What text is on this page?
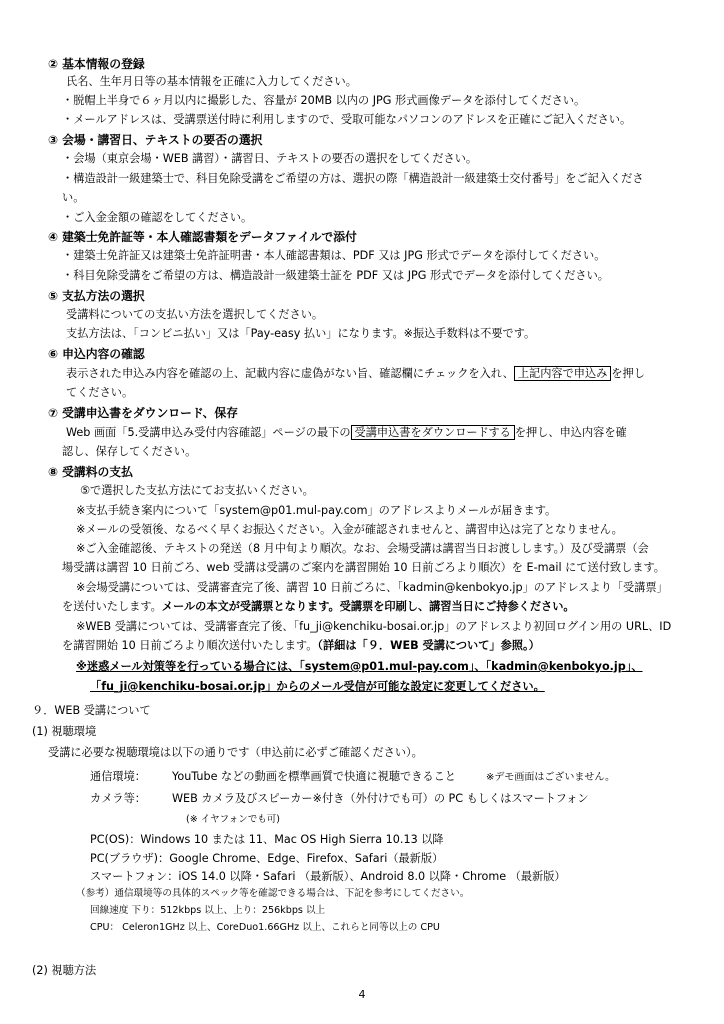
② 基本情報の登録
氏名、生年月日等の基本情報を正確に入力してください。
・脱帽上半身で６ヶ月以内に撮影した、容量が 20MB 以内の JPG 形式画像データを添付してください。
・メールアドレスは、受講票送付時に利用しますので、受取可能なパソコンのアドレスを正確にご記入ください。
③ 会場・講習日、テキストの要否の選択
・会場（東京会場・WEB 講習）・講習日、テキストの要否の選択をしてください。
・構造設計一級建築士で、科目免除受講をご希望の方は、選択の際「構造設計一級建築士交付番号」をご記入くださ
い。
・ご入金金額の確認をしてください。
④ 建築士免許証等・本人確認書類をデータファイルで添付
・建築士免許証又は建築士免許証明書・本人確認書類は、PDF 又は JPG 形式でデータを添付してください。
・科目免除受講をご希望の方は、構造設計一級建築士証を PDF 又は JPG 形式でデータを添付してください。
⑤ 支払方法の選択
受講料についての支払い方法を選択してください。
支払方法は、「コンビニ払い」又は「Pay-easy 払い」になります。※振込手数料は不要です。
⑥ 申込内容の確認
表示された申込み内容を確認の上、記載内容に虚偽がない旨、確認欄にチェックを入れ、 上記内容で申込み を押し
てください。
⑦ 受講申込書をダウンロード、保存
Web 画面「5.受講申込み受付内容確認」ページの最下の 受講申込書をダウンロードする を押し、申込内容を確
認し、保存してください。
⑧ 受講料の支払
⑤で選択した支払方法にてお支払いください。
※支払手続き案内について「system@p01.mul-pay.com」のアドレスよりメールが届きます。
※メールの受領後、なるべく早くお振込ください。入金が確認されませんと、講習申込は完了となりません。
※ご入金確認後、テキストの発送（8 月中旬より順次。なお、会場受講は講習当日お渡しします。）及び受講票（会
場受講は講習 10 日前ごろ、web 受講は受講のご案内を講習開始 10 日前ごろより順次）を E-mail にて送付致します。
※会場受講については、受講審査完了後、講習 10 日前ごろに、「kadmin@kenbokyo.jp」のアドレスより「受講票」
を送付いたします。メールの本文が受講票となります。受講票を印刷し、講習当日にご持参ください。
※WEB 受講については、受講審査完了後、「fu_ji@kenchiku-bosai.or.jp」のアドレスより初回ログイン用の URL、ID
を講習開始 10 日前ごろより順次送付いたします。（詳細は「９．WEB 受講について」参照。）
※迷惑メール対策等を行っている場合には、「system@p01.mul-pay.com」、「kadmin@kenbokyo.jp」、
「fu_ji@kenchiku-bosai.or.jp」からのメール受信が可能な設定に変更してください。
９．WEB 受講について
(1) 視聴環境
受講に必要な視聴環境は以下の通りです（申込前に必ずご確認ください）。
通信環境： YouTube などの動画を標準画質で快適に視聴できること	※デモ画面はございません。
カメラ等： WEB カメラ及びスピーカー※付き（外付けでも可）の PC もしくはスマートフォン
(※ イヤフォンでも可)
PC(OS)：Windows 10 または 11、Mac OS High Sierra 10.13 以降
PC(ブラウザ)：Google Chrome、Edge、Firefox、Safari（最新版）
スマートフォン：iOS 14.0 以降・Safari （最新版）、Android 8.0 以降・Chrome （最新版）
（参考）通信環境等の具体的スペック等を確認できる場合は、下記を参考にしてください。
回線速度 下り：512kbps 以上、上り：256kbps 以上
CPU： Celeron1GHz 以上、CoreDuo1.66GHz 以上、これらと同等以上の CPU
(2) 視聴方法
4
